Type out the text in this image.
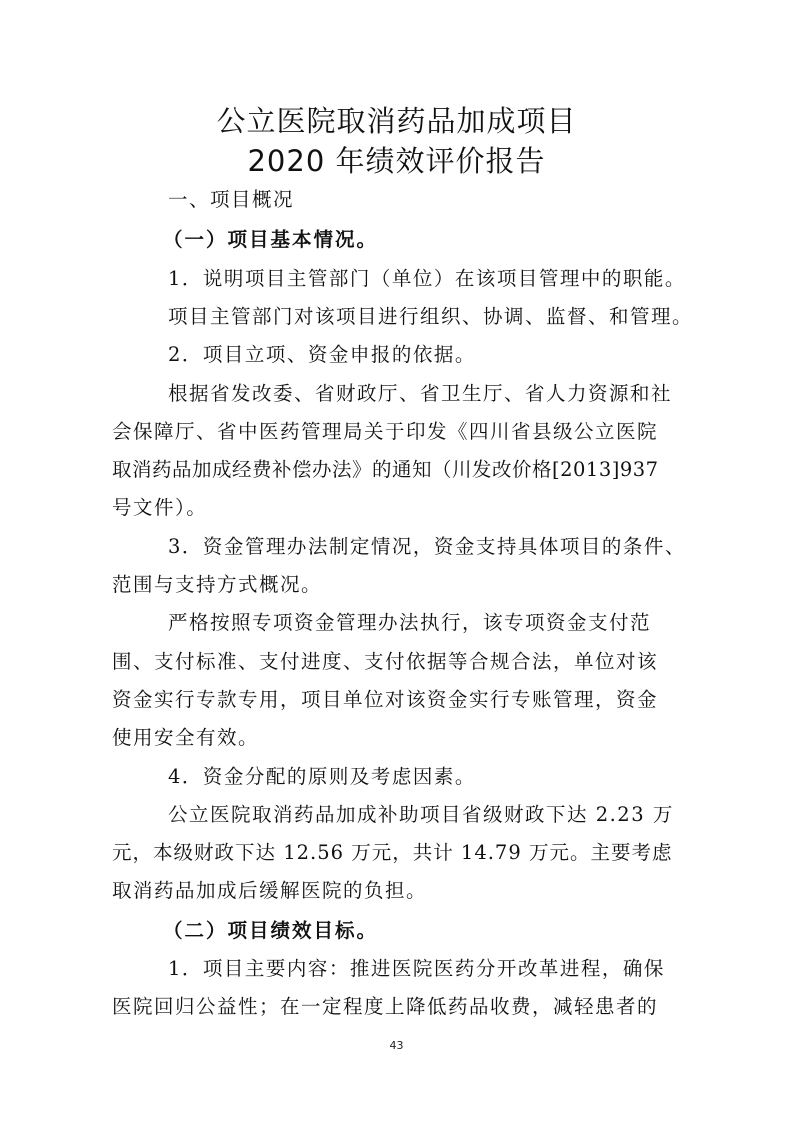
公立医院取消药品加成项目
2020 年绩效评价报告
一、项目概况
（一）项目基本情况。
1．说明项目主管部门（单位）在该项目管理中的职能。
项目主管部门对该项目进行组织、协调、监督、和管理。
2．项目立项、资金申报的依据。
根据省发改委、省财政厅、省卫生厅、省人力资源和社
会保障厅、省中医药管理局关于印发《四川省县级公立医院
取消药品加成经费补偿办法》的通知（川发改价格[2013]937
号文件）。
3．资金管理办法制定情况，资金支持具体项目的条件、
范围与支持方式概况。
严格按照专项资金管理办法执行，该专项资金支付范
围、支付标准、支付进度、支付依据等合规合法，单位对该
资金实行专款专用，项目单位对该资金实行专账管理，资金
使用安全有效。
4．资金分配的原则及考虑因素。
公立医院取消药品加成补助项目省级财政下达 2.23 万
元，本级财政下达 12.56 万元，共计 14.79 万元。主要考虑
取消药品加成后缓解医院的负担。
（二）项目绩效目标。
1．项目主要内容：推进医院医药分开改革进程，确保
医院回归公益性；在一定程度上降低药品收费，减轻患者的
43
